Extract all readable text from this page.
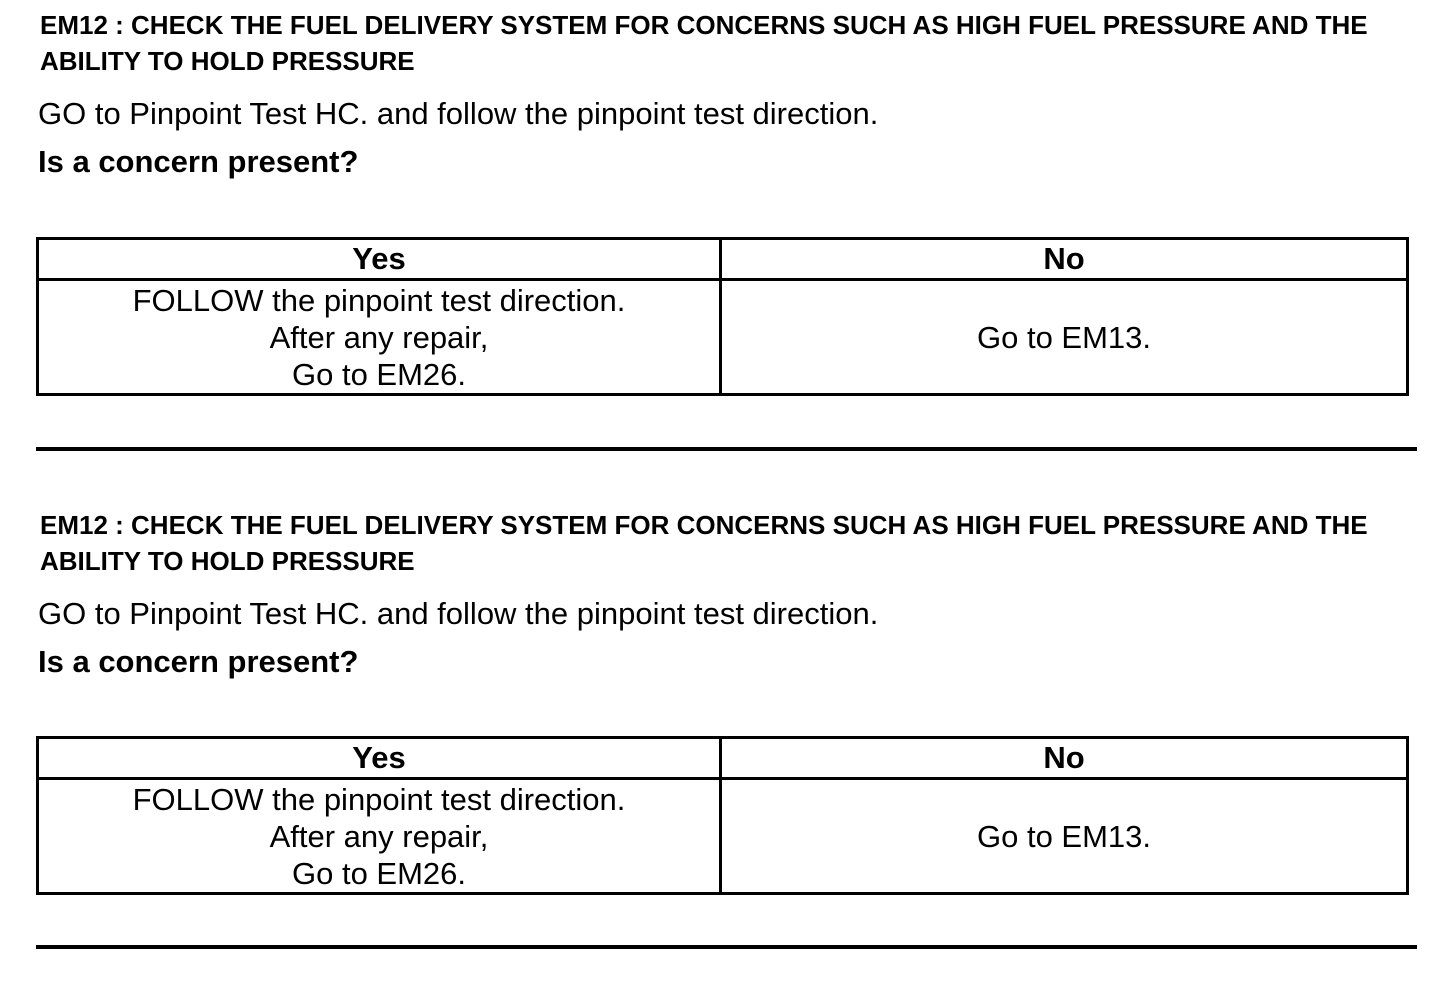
EM12 : CHECK THE FUEL DELIVERY SYSTEM FOR CONCERNS SUCH AS HIGH FUEL PRESSURE AND THE ABILITY TO HOLD PRESSURE
GO to Pinpoint Test HC. and follow the pinpoint test direction.
Is a concern present?
Yes	No

FOLLOW the pinpoint test direction.
After any repair,
Go to EM26.	Go to EM13.
EM12 : CHECK THE FUEL DELIVERY SYSTEM FOR CONCERNS SUCH AS HIGH FUEL PRESSURE AND THE ABILITY TO HOLD PRESSURE
GO to Pinpoint Test HC. and follow the pinpoint test direction.
Is a concern present?
Yes	No

FOLLOW the pinpoint test direction.
After any repair,
Go to EM26.	Go to EM13.
